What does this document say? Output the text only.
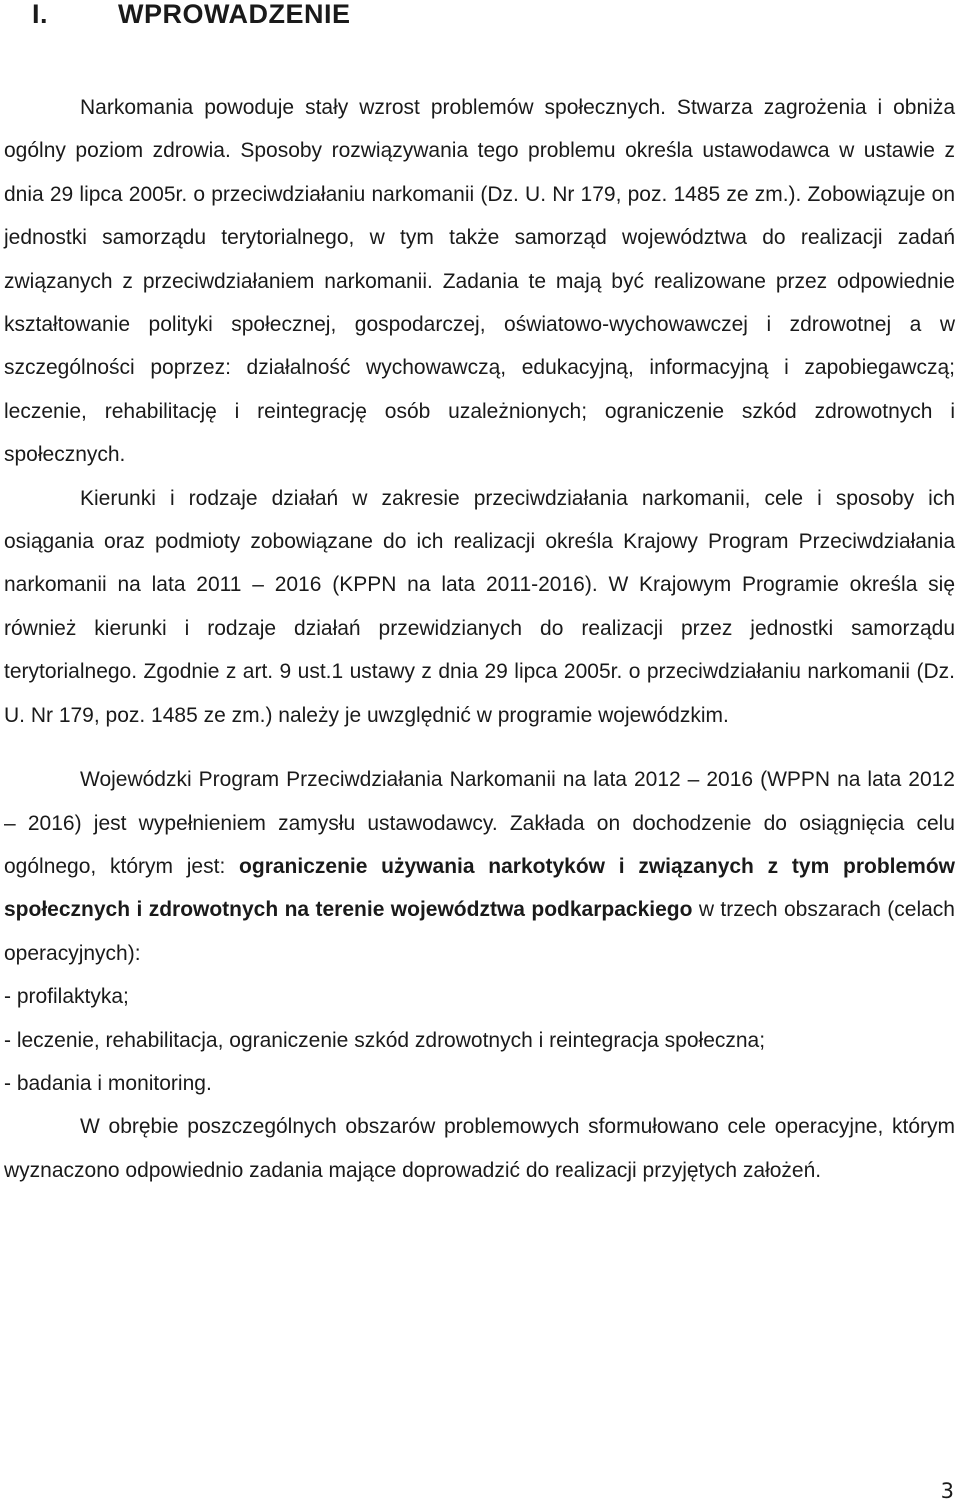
I.	WPROWADZENIE

Narkomania powoduje stały wzrost problemów społecznych. Stwarza zagrożenia i obniża ogólny poziom zdrowia. Sposoby rozwiązywania tego problemu określa ustawodawca w ustawie z dnia 29 lipca 2005r. o przeciwdziałaniu narkomanii (Dz. U. Nr 179, poz. 1485 ze zm.). Zobowiązuje on jednostki samorządu terytorialnego, w tym także samorząd województwa do realizacji zadań związanych z przeciwdziałaniem narkomanii. Zadania te mają być realizowane przez odpowiednie kształtowanie polityki społecznej, gospodarczej, oświatowo-wychowawczej i zdrowotnej a w szczególności poprzez: działalność wychowawczą, edukacyjną, informacyjną i zapobiegawczą; leczenie, rehabilitację i reintegrację osób uzależnionych; ograniczenie szkód zdrowotnych i społecznych.

Kierunki i rodzaje działań w zakresie przeciwdziałania narkomanii, cele i sposoby ich osiągania oraz podmioty zobowiązane do ich realizacji określa Krajowy Program Przeciwdziałania narkomanii na lata 2011 – 2016 (KPPN na lata 2011-2016). W Krajowym Programie określa się również kierunki i rodzaje działań przewidzianych do realizacji przez jednostki samorządu terytorialnego. Zgodnie z art. 9 ust.1 ustawy z dnia 29 lipca 2005r. o przeciwdziałaniu narkomanii (Dz. U. Nr 179, poz. 1485 ze zm.) należy je uwzględnić w programie wojewódzkim.

Wojewódzki Program Przeciwdziałania Narkomanii na lata 2012 – 2016 (WPPN na lata 2012 – 2016) jest wypełnieniem zamysłu ustawodawcy. Zakłada on dochodzenie do osiągnięcia celu ogólnego, którym jest: ograniczenie używania narkotyków i związanych z tym problemów społecznych i zdrowotnych na terenie województwa podkarpackiego w trzech obszarach (celach operacyjnych):

- profilaktyka;

- leczenie, rehabilitacja, ograniczenie szkód zdrowotnych i reintegracja społeczna;

- badania i monitoring.

W obrębie poszczególnych obszarów problemowych sformułowano cele operacyjne, którym wyznaczono odpowiednio zadania mające doprowadzić do realizacji przyjętych założeń.

3
